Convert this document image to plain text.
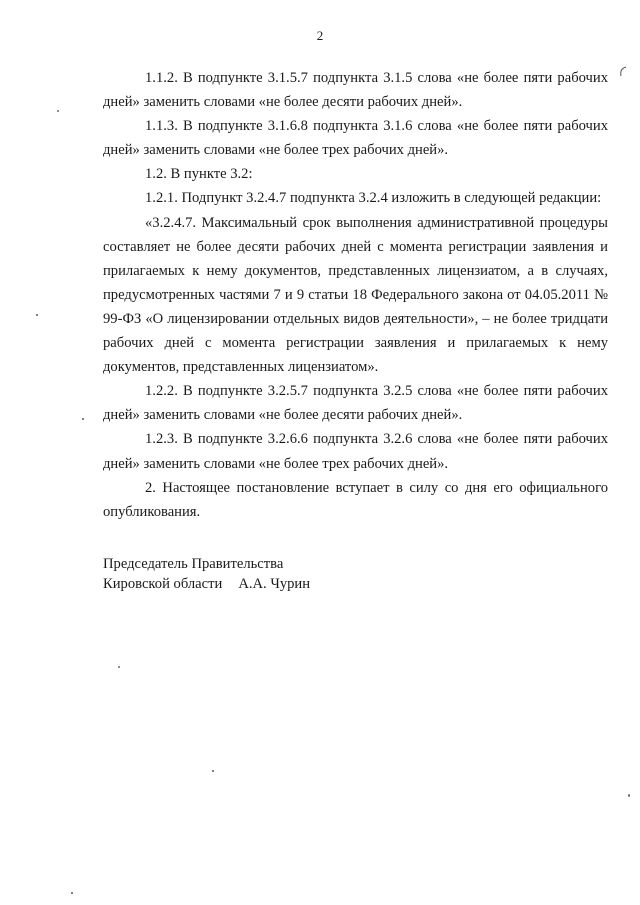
2

1.1.2. В подпункте 3.1.5.7 подпункта 3.1.5 слова «не более пяти рабочих дней» заменить словами «не более десяти рабочих дней».

1.1.3. В подпункте 3.1.6.8 подпункта 3.1.6 слова «не более пяти рабочих дней» заменить словами «не более трех рабочих дней».

1.2. В пункте 3.2:

1.2.1. Подпункт 3.2.4.7 подпункта 3.2.4 изложить в следующей редакции:

«3.2.4.7. Максимальный срок выполнения административной процедуры составляет не более десяти рабочих дней с момента регистрации заявления и прилагаемых к нему документов, представленных лицензиатом, а в случаях, предусмотренных частями 7 и 9 статьи 18 Федерального закона от 04.05.2011 № 99-ФЗ «О лицензировании отдельных видов деятельности», – не более тридцати рабочих дней с момента регистрации заявления и прилагаемых к нему документов, представленных лицензиатом».

1.2.2. В подпункте 3.2.5.7 подпункта 3.2.5 слова «не более пяти рабочих дней» заменить словами «не более десяти рабочих дней».

1.2.3. В подпункте 3.2.6.6 подпункта 3.2.6 слова «не более пяти рабочих дней» заменить словами «не более трех рабочих дней».

2. Настоящее постановление вступает в силу со дня его официального опубликования.

Председатель Правительства
Кировской области А.А. Чурин
